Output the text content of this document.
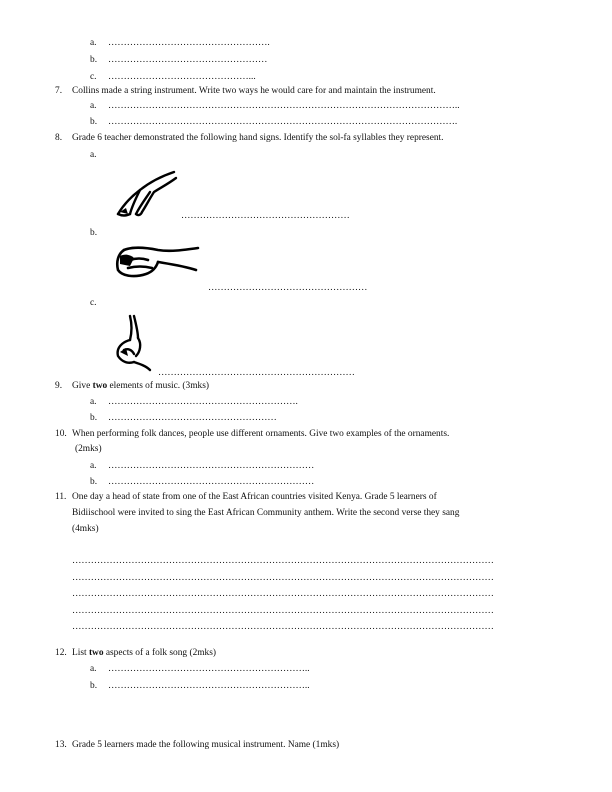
a. …………………………………………….
b. ……………………………………………
c. ………………………………………...
7. Collins made a string instrument. Write two ways he would care for and maintain the instrument.
a. …………………………………………………………………………………………………..
b. ………………………………………………………………………………………………….
8. Grade 6 teacher demonstrated the following hand signs. Identify the sol-fa syllables they represent.
a.
………………………………………………
b.
……………………………………………
c.
………………………………………………………
9. Give two elements of music. (3mks)
a. …………………………………………………….
b. ………………………………………………
10. When performing folk dances, people use different ornaments. Give two examples of the ornaments.
(2mks)
a. …………………………………………………………
b. …………………………………………………………
11. One day a head of state from one of the East African countries visited Kenya. Grade 5 learners of
Bidiischool were invited to sing the East African Community anthem. Write the second verse they sang
(4mks)
………………………………………………………………………………………………………………………
………………………………………………………………………………………………………………………
………………………………………………………………………………………………………………………
………………………………………………………………………………………………………………………
………………………………………………………………………………………………………………………
12. List two aspects of a folk song (2mks)
a. ………………………………………………………..
b. ………………………………………………………..
13. Grade 5 learners made the following musical instrument. Name (1mks)
